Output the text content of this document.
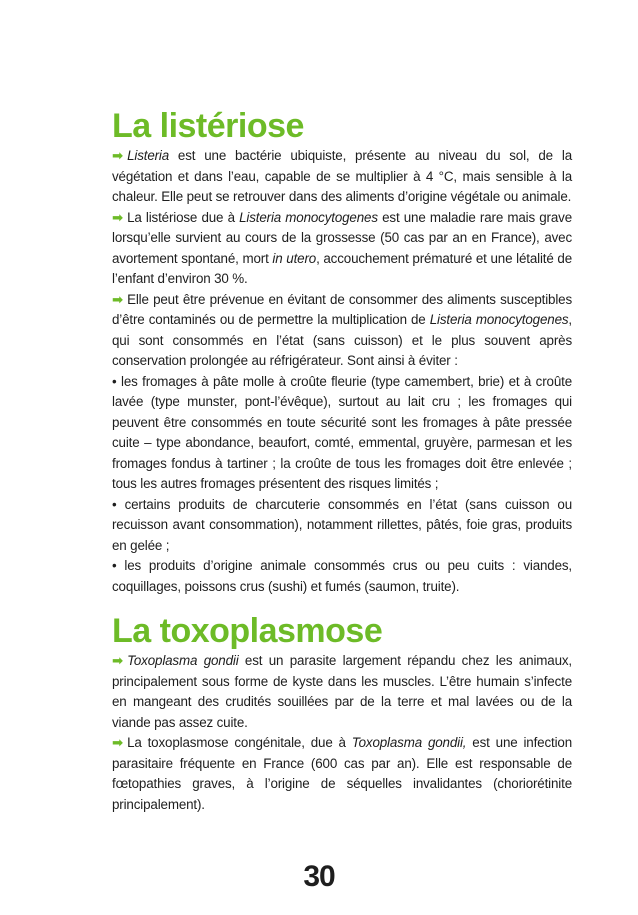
La listériose

➡ Listeria est une bactérie ubiquiste, présente au niveau du sol, de la végétation et dans l’eau, capable de se multiplier à 4 °C, mais sensible à la chaleur. Elle peut se retrouver dans des aliments d’origine végétale ou animale.

➡ La listériose due à Listeria monocytogenes est une maladie rare mais grave lorsqu’elle survient au cours de la grossesse (50 cas par an en France), avec avortement spontané, mort in utero, accouchement prématuré et une létalité de l’enfant d’environ 30 %.

➡ Elle peut être prévenue en évitant de consommer des aliments susceptibles d’être contaminés ou de permettre la multiplication de Listeria monocytogenes, qui sont consommés en l’état (sans cuisson) et le plus souvent après conservation prolongée au réfrigérateur. Sont ainsi à éviter :

• les fromages à pâte molle à croûte fleurie (type camembert, brie) et à croûte lavée (type munster, pont-l’évêque), surtout au lait cru ; les fromages qui peuvent être consommés en toute sécurité sont les fromages à pâte pressée cuite – type abondance, beaufort, comté, emmental, gruyère, parmesan et les fromages fondus à tartiner ; la croûte de tous les fromages doit être enlevée ; tous les autres fromages présentent des risques limités ;

• certains produits de charcuterie consommés en l’état (sans cuisson ou recuisson avant consommation), notamment rillettes, pâtés, foie gras, produits en gelée ;

• les produits d’origine animale consommés crus ou peu cuits : viandes, coquillages, poissons crus (sushi) et fumés (saumon, truite).

La toxoplasmose

➡ Toxoplasma gondii est un parasite largement répandu chez les animaux, principalement sous forme de kyste dans les muscles. L’être humain s’infecte en mangeant des crudités souillées par de la terre et mal lavées ou de la viande pas assez cuite.

➡ La toxoplasmose congénitale, due à Toxoplasma gondii, est une infection parasitaire fréquente en France (600 cas par an). Elle est responsable de fœtopathies graves, à l’origine de séquelles invalidantes (choriorétinite principalement).

30
